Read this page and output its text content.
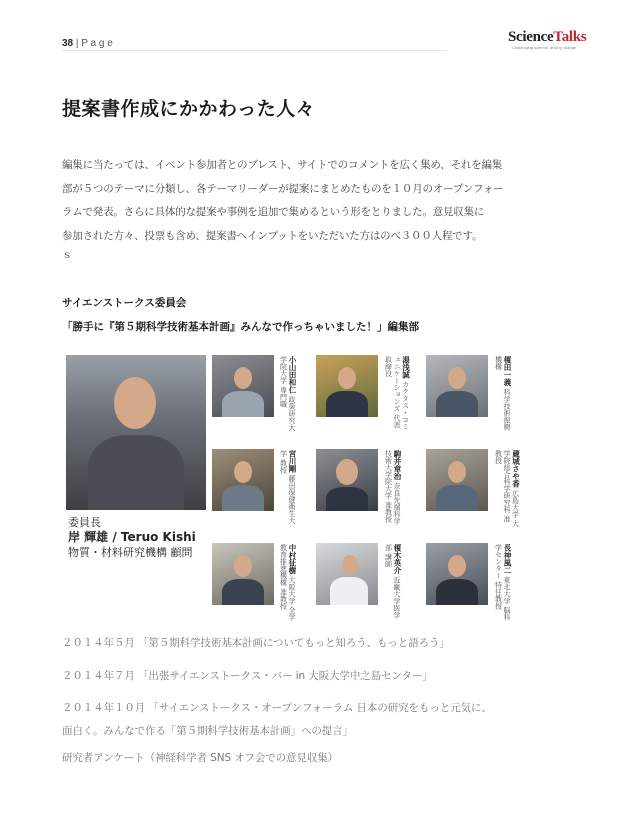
38 | P a g e	ScienceTalks
Challenging science, driving change
提案書作成にかかわった人々

編集に当たっては、イベント参加者とのブレスト、サイトでのコメントを広く集め、それを編集

部が５つのテーマに分類し、各テーマリーダーが提案にまとめたものを１０月のオープンフォー

ラムで発表。さらに具体的な提案や事例を追加で集めるという形をとりました。意見収集に

参加された方々、投票も含め、提案書へインプットをいただいた方はのべ３００人程です。

ｓ

サイエンストークス委員会
「勝手に『第５期科学技術基本計画』みんなで作っちゃいました！」編集部
委員長
岸 輝雄 / Teruo Kishi
物質・材料研究機構 顧問
小山田和仁 政策研究大学院大学 専門職	湯浅誠 カクタス・コミュニケーションズ 代表取締役	榎田一義 科学技術振興機構
宮川剛 藤田保健衛生大学 教授	駒井章治 奈良先端科学技術大学院大学 准教授	蔵城さや香 広島大学 大学院総合科学研究科 准教授
中村征樹 大阪大学 全学教育推進機構 准教授	榎木英介 近畿大学医学部 講師	長神風二 東北大学 脳科学センター 特任教授
２０１４年５月 「第５期科学技術基本計画についてもっと知ろう、もっと語ろう」
２０１４年７月 「出張サイエンストークス・バー in 大阪大学中之島センター」
２０１４年１０月 「サイエンストークス・オープンフォーラム 日本の研究をもっと元気に、
面白く。みんなで作る「第５期科学技術基本計画」への提言」
研究者アンケート（神経科学者 SNS オフ会での意見収集）
